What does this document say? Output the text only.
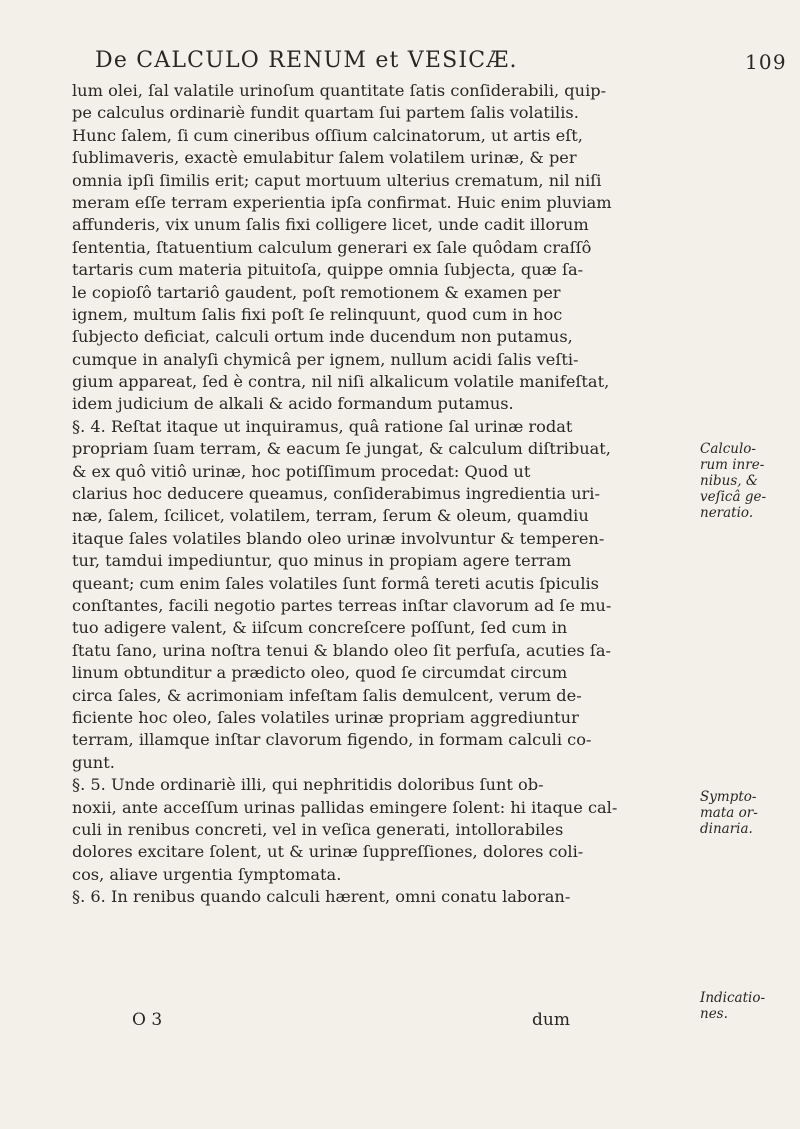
De CALCULO RENUM et VESICÆ.	109
lum olei, ſal valatile urinoſum quantitate ſatis conſiderabili, quip-
pe calculus ordinariè fundit quartam ſui partem ſalis volatilis.
Hunc ſalem, ſi cum cineribus oſſium calcinatorum, ut artis eſt,
ſublimaveris, exactè emulabitur ſalem volatilem urinæ, & per
omnia ipſi ſimilis erit; caput mortuum ulterius crematum, nil niſi
meram eſſe terram experientia ipſa confirmat. Huic enim pluviam
affunderis, vix unum ſalis fixi colligere licet, unde cadit illorum
ſententia, ſtatuentium calculum generari ex ſale quôdam craſſô
tartaris cum materia pituitoſa, quippe omnia ſubjecta, quæ ſa-
le copioſô tartariô gaudent, poſt remotionem & examen per
ignem, multum ſalis fixi poſt ſe relinquunt, quod cum in hoc
ſubjecto deficiat, calculi ortum inde ducendum non putamus,
cumque in analyſi chymicâ per ignem, nullum acidi ſalis veſti-
gium appareat, ſed è contra, nil niſi alkalicum volatile manifeſtat,
idem judicium de alkali & acido formandum putamus.
§. 4. Reſtat itaque ut inquiramus, quâ ratione ſal urinæ rodat
propriam ſuam terram, & eacum ſe jungat, & calculum diſtribuat,
& ex quô vitiô urinæ, hoc potiſſimum procedat: Quod ut
clarius hoc deducere queamus, conſiderabimus ingredientia uri-
næ, ſalem, ſcilicet, volatilem, terram, ſerum & oleum, quamdiu
itaque ſales volatiles blando oleo urinæ involvuntur & temperen-
tur, tamdui impediuntur, quo minus in propiam agere terram
queant; cum enim ſales volatiles ſunt formâ tereti acutis ſpiculis
conſtantes, facili negotio partes terreas inſtar clavorum ad ſe mu-
tuo adigere valent, & iiſcum concreſcere poſſunt, ſed cum in
ſtatu ſano, urina noſtra tenui & blando oleo ſit perfuſa, acuties ſa-
linum obtunditur a prædicto oleo, quod ſe circumdat circum
circa ſales, & acrimoniam infeſtam ſalis demulcent, verum de-
ficiente hoc oleo, ſales volatiles urinæ propriam aggrediuntur
terram, illamque inſtar clavorum figendo, in formam calculi co-
gunt.
§. 5. Unde ordinariè illi, qui nephritidis doloribus ſunt ob-
noxii, ante acceſſum urinas pallidas emingere ſolent: hi itaque cal-
culi in renibus concreti, vel in veſica generati, intollorabiles
dolores excitare ſolent, ut & urinæ ſuppreſſiones, dolores coli-
cos, aliave urgentia ſymptomata.
§. 6. In renibus quando calculi hærent, omni conatu laboran-
O 3	dum
Calculo-
rum inre-
nibus, &
veſicâ ge-
neratio.
Sympto-
mata or-
dinaria.
Indicatio-
nes.
